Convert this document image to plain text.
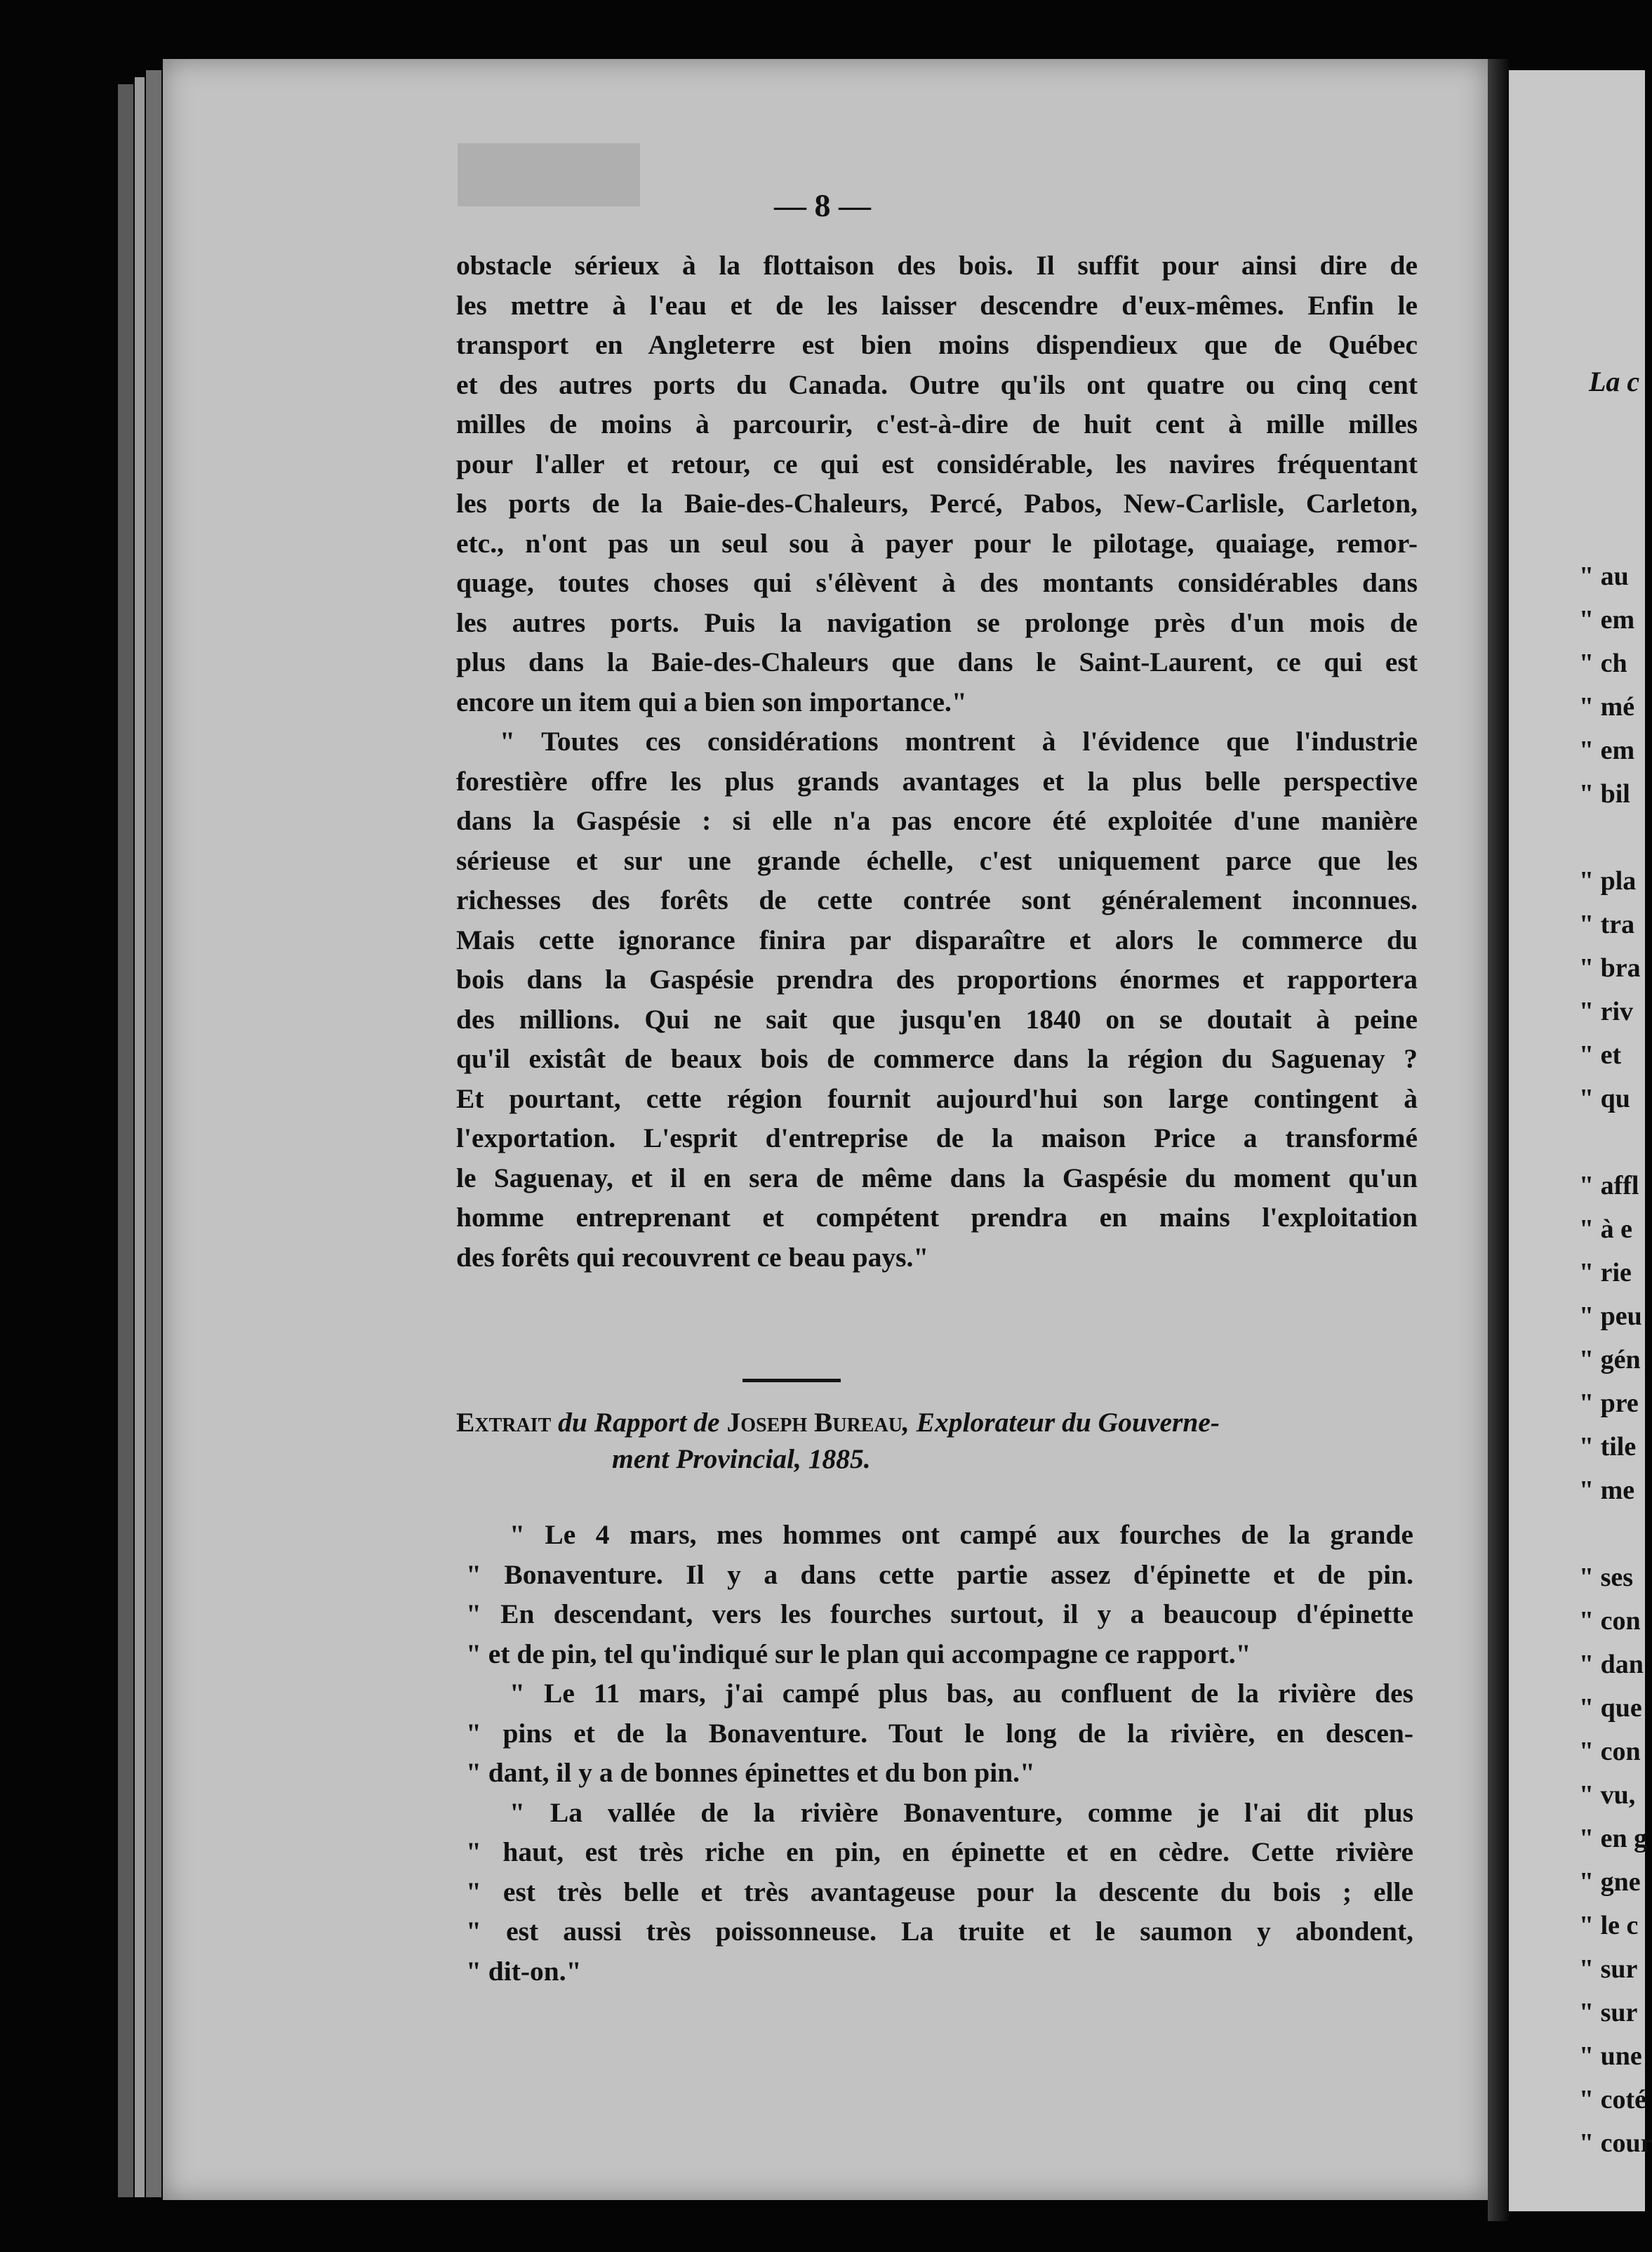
— 8 —
obstacle sérieux à la flottaison des bois. Il suffit pour ainsi dire de
les mettre à l'eau et de les laisser descendre d'eux-mêmes. Enfin le
transport en Angleterre est bien moins dispendieux que de Québec
et des autres ports du Canada. Outre qu'ils ont quatre ou cinq cent
milles de moins à parcourir, c'est-à-dire de huit cent à mille milles
pour l'aller et retour, ce qui est considérable, les navires fréquentant
les ports de la Baie-des-Chaleurs, Percé, Pabos, New-Carlisle, Carleton,
etc., n'ont pas un seul sou à payer pour le pilotage, quaiage, remor-
quage, toutes choses qui s'élèvent à des montants considérables dans
les autres ports. Puis la navigation se prolonge près d'un mois de
plus dans la Baie-des-Chaleurs que dans le Saint-Laurent, ce qui est
encore un item qui a bien son importance."
" Toutes ces considérations montrent à l'évidence que l'industrie
forestière offre les plus grands avantages et la plus belle perspective
dans la Gaspésie : si elle n'a pas encore été exploitée d'une manière
sérieuse et sur une grande échelle, c'est uniquement parce que les
richesses des forêts de cette contrée sont généralement inconnues.
Mais cette ignorance finira par disparaître et alors le commerce du
bois dans la Gaspésie prendra des proportions énormes et rapportera
des millions. Qui ne sait que jusqu'en 1840 on se doutait à peine
qu'il existât de beaux bois de commerce dans la région du Saguenay ?
Et pourtant, cette région fournit aujourd'hui son large contingent à
l'exportation. L'esprit d'entreprise de la maison Price a transformé
le Saguenay, et il en sera de même dans la Gaspésie du moment qu'un
homme entreprenant et compétent prendra en mains l'exploitation
des forêts qui recouvrent ce beau pays."
Extrait du Rapport de Joseph Bureau, Explorateur du Gouverne-
ment Provincial, 1885.
" Le 4 mars, mes hommes ont campé aux fourches de la grande
" Bonaventure. Il y a dans cette partie assez d'épinette et de pin.
" En descendant, vers les fourches surtout, il y a beaucoup d'épinette
" et de pin, tel qu'indiqué sur le plan qui accompagne ce rapport."
" Le 11 mars, j'ai campé plus bas, au confluent de la rivière des
" pins et de la Bonaventure. Tout le long de la rivière, en descen-
" dant, il y a de bonnes épinettes et du bon pin."
" La vallée de la rivière Bonaventure, comme je l'ai dit plus
" haut, est très riche en pin, en épinette et en cèdre. Cette rivière
" est très belle et très avantageuse pour la descente du bois ; elle
" est aussi très poissonneuse. La truite et le saumon y abondent,
" dit-on."
La c
" au
" em
" ch
" mé
" em
" bil
" pla
" tra
" bra
" riv
" et
" qu
" affl
" à e
" rie
" peu
" gén
" pre
" tile
" me
" ses
" con
" dan
" que
" con
" vu,
" en g
" gne
" le c
" sur
" sur
" une
" coté
" cour
